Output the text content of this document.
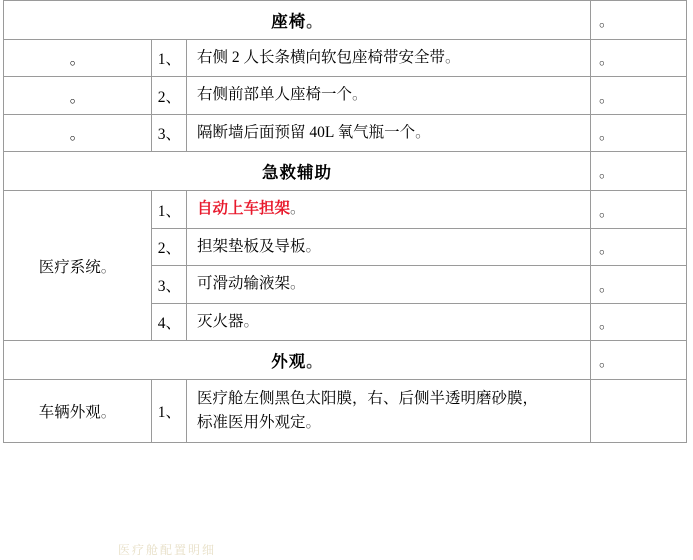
座椅。			。

。	1、	右侧 2 人长条横向软包座椅带安全带。	。

。	2、	右侧前部单人座椅一个。	。

。	3、	隔断墙后面预留 40L 氧气瓶一个。	。

急救辅助			。

医疗系统。	1、	自动上车担架。	。

	2、	担架垫板及导板。	。

	3、	可滑动输液架。	。

	4、	灭火器。	。

外观。			。

车辆外观。	1、	医疗舱左侧黑色太阳膜，右、后侧半透明磨砂膜，
标准医用外观定。	

医疗舱配置明细
